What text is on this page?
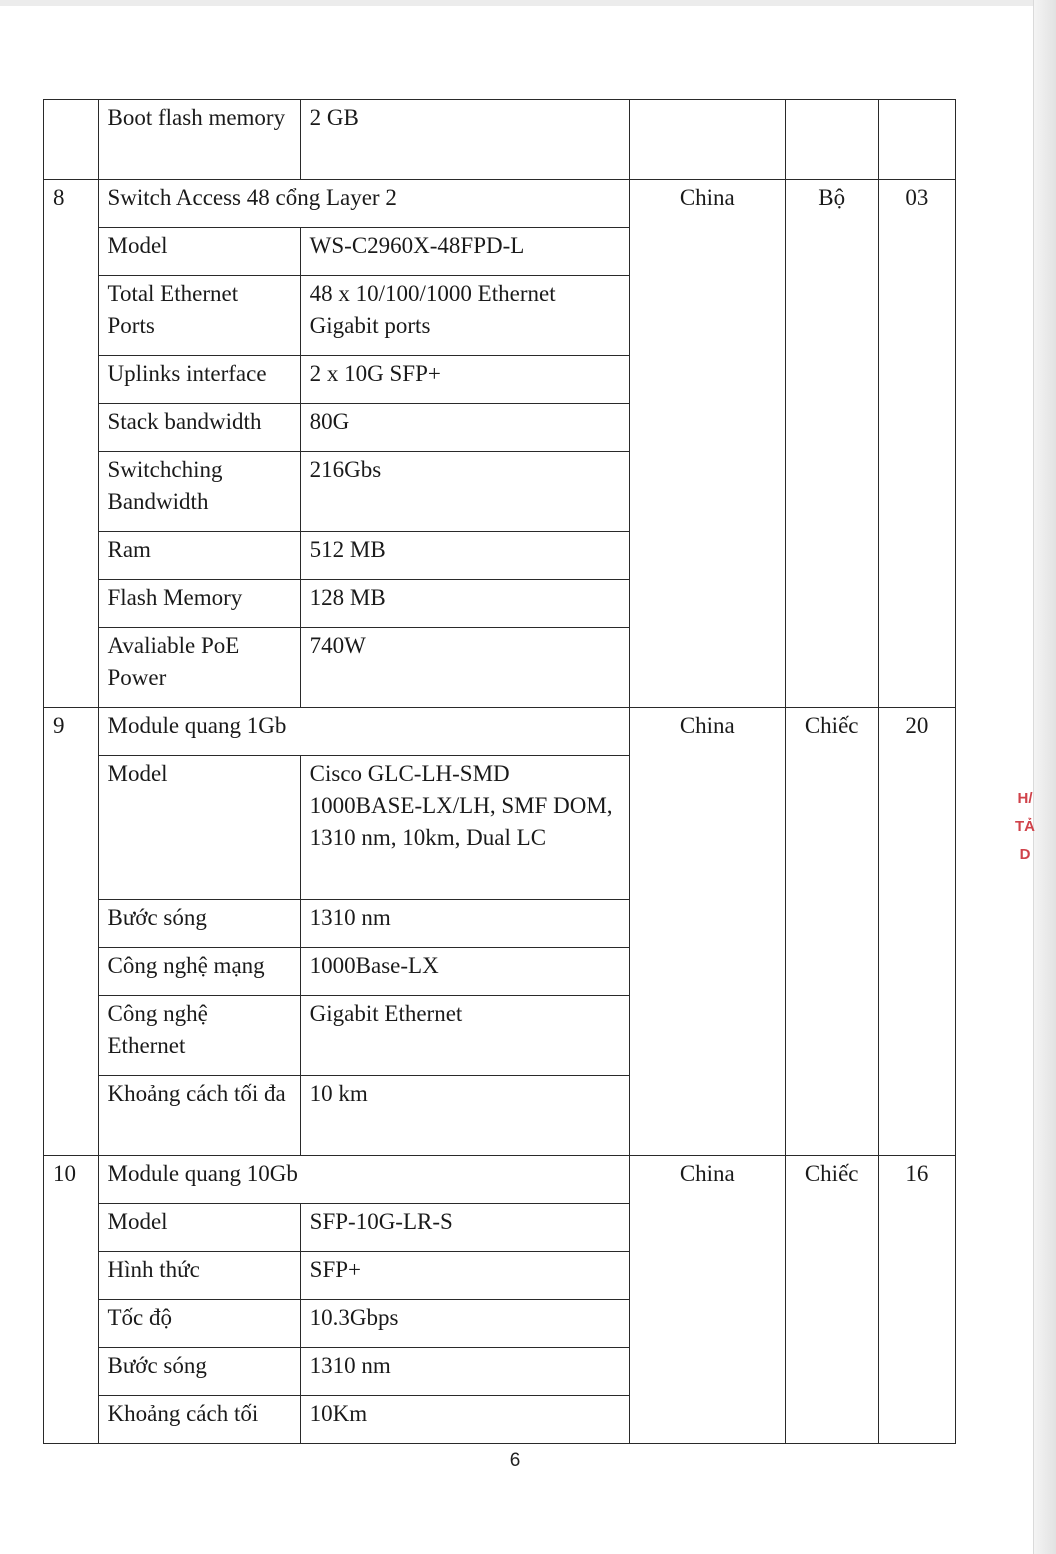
	Boot flash memory	2 GB			
8	Switch Access 48 cổng Layer 2		China	Bộ	03
	Model	WS-C2960X-48FPD-L			
	Total Ethernet Ports	48 x 10/100/1000 Ethernet Gigabit ports			
	Uplinks interface	2 x 10G SFP+			
	Stack bandwidth	80G			
	Switchching Bandwidth	216Gbs			
	Ram	512 MB			
	Flash Memory	128 MB			
	Avaliable PoE Power	740W			
9	Module quang 1Gb		China	Chiếc	20
	Model	Cisco GLC-LH-SMD 1000BASE-LX/LH, SMF DOM, 1310 nm, 10km, Dual LC			
	Bước sóng	1310 nm			
	Công nghệ mạng	1000Base-LX			
	Công nghệ Ethernet	Gigabit Ethernet			
	Khoảng cách tối đa	10 km			
10	Module quang 10Gb		China	Chiếc	16
	Model	SFP-10G-LR-S			
	Hình thức	SFP+			
	Tốc độ	10.3Gbps			
	Bước sóng	1310 nm			
	Khoảng cách tối	10Km			
6
H/ TẢ D
